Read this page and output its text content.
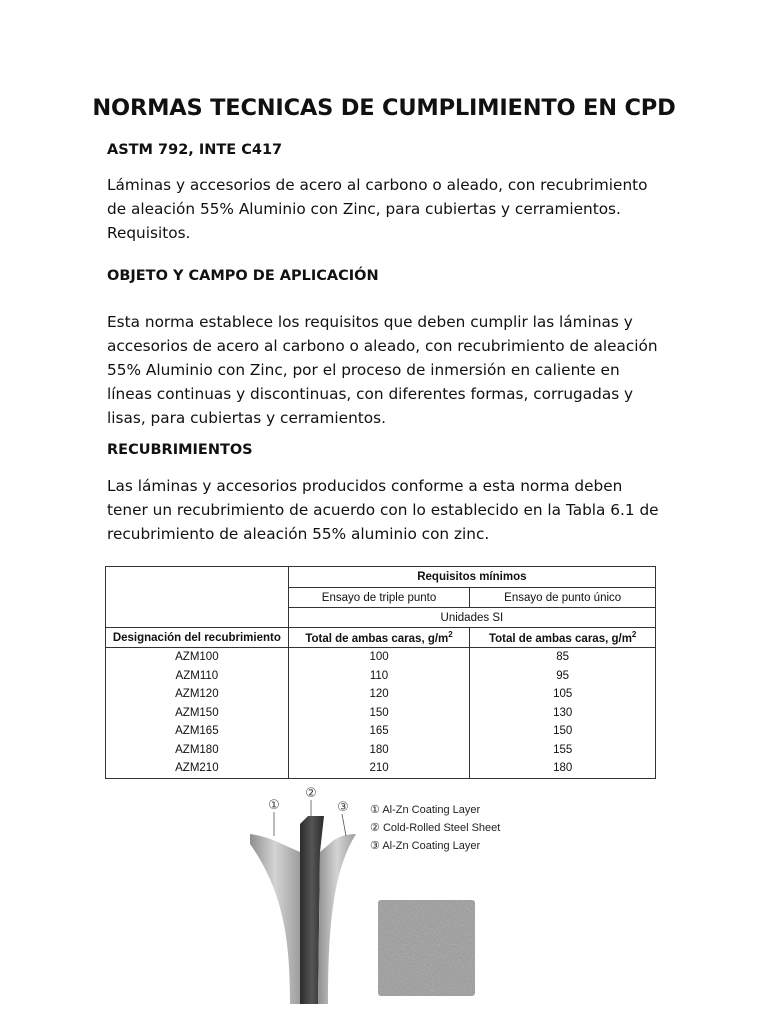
NORMAS TECNICAS DE CUMPLIMIENTO EN CPD

ASTM 792, INTE C417

Láminas y accesorios de acero al carbono o aleado, con recubrimiento de aleación 55% Aluminio con Zinc, para cubiertas y cerramientos. Requisitos.

OBJETO Y CAMPO DE APLICACIÓN

Esta norma establece los requisitos que deben cumplir las láminas y accesorios de acero al carbono o aleado, con recubrimiento de aleación 55% Aluminio con Zinc, por el proceso de inmersión en caliente en líneas continuas y discontinuas, con diferentes formas, corrugadas y lisas, para cubiertas y cerramientos.

RECUBRIMIENTOS

Las láminas y accesorios producidos conforme a esta norma deben tener un recubrimiento de acuerdo con lo establecido en la Tabla 6.1 de recubrimiento de aleación 55% aluminio con zinc.

	Requisitos mínimos	
	Ensayo de triple punto	Ensayo de punto único
	Unidades SI	
Designación del recubrimiento	Total de ambas caras, $g/m^2$	Total de ambas caras, $g/m^2$
AZM100	100	85
AZM110	110	95
AZM120	120	105
AZM150	150	130
AZM165	165	150
AZM180	180	155
AZM210	210	180
①
②
③ ① Al-Zn Coating Layer
② Cold-Rolled Steel Sheet
③ Al-Zn Coating Layer
